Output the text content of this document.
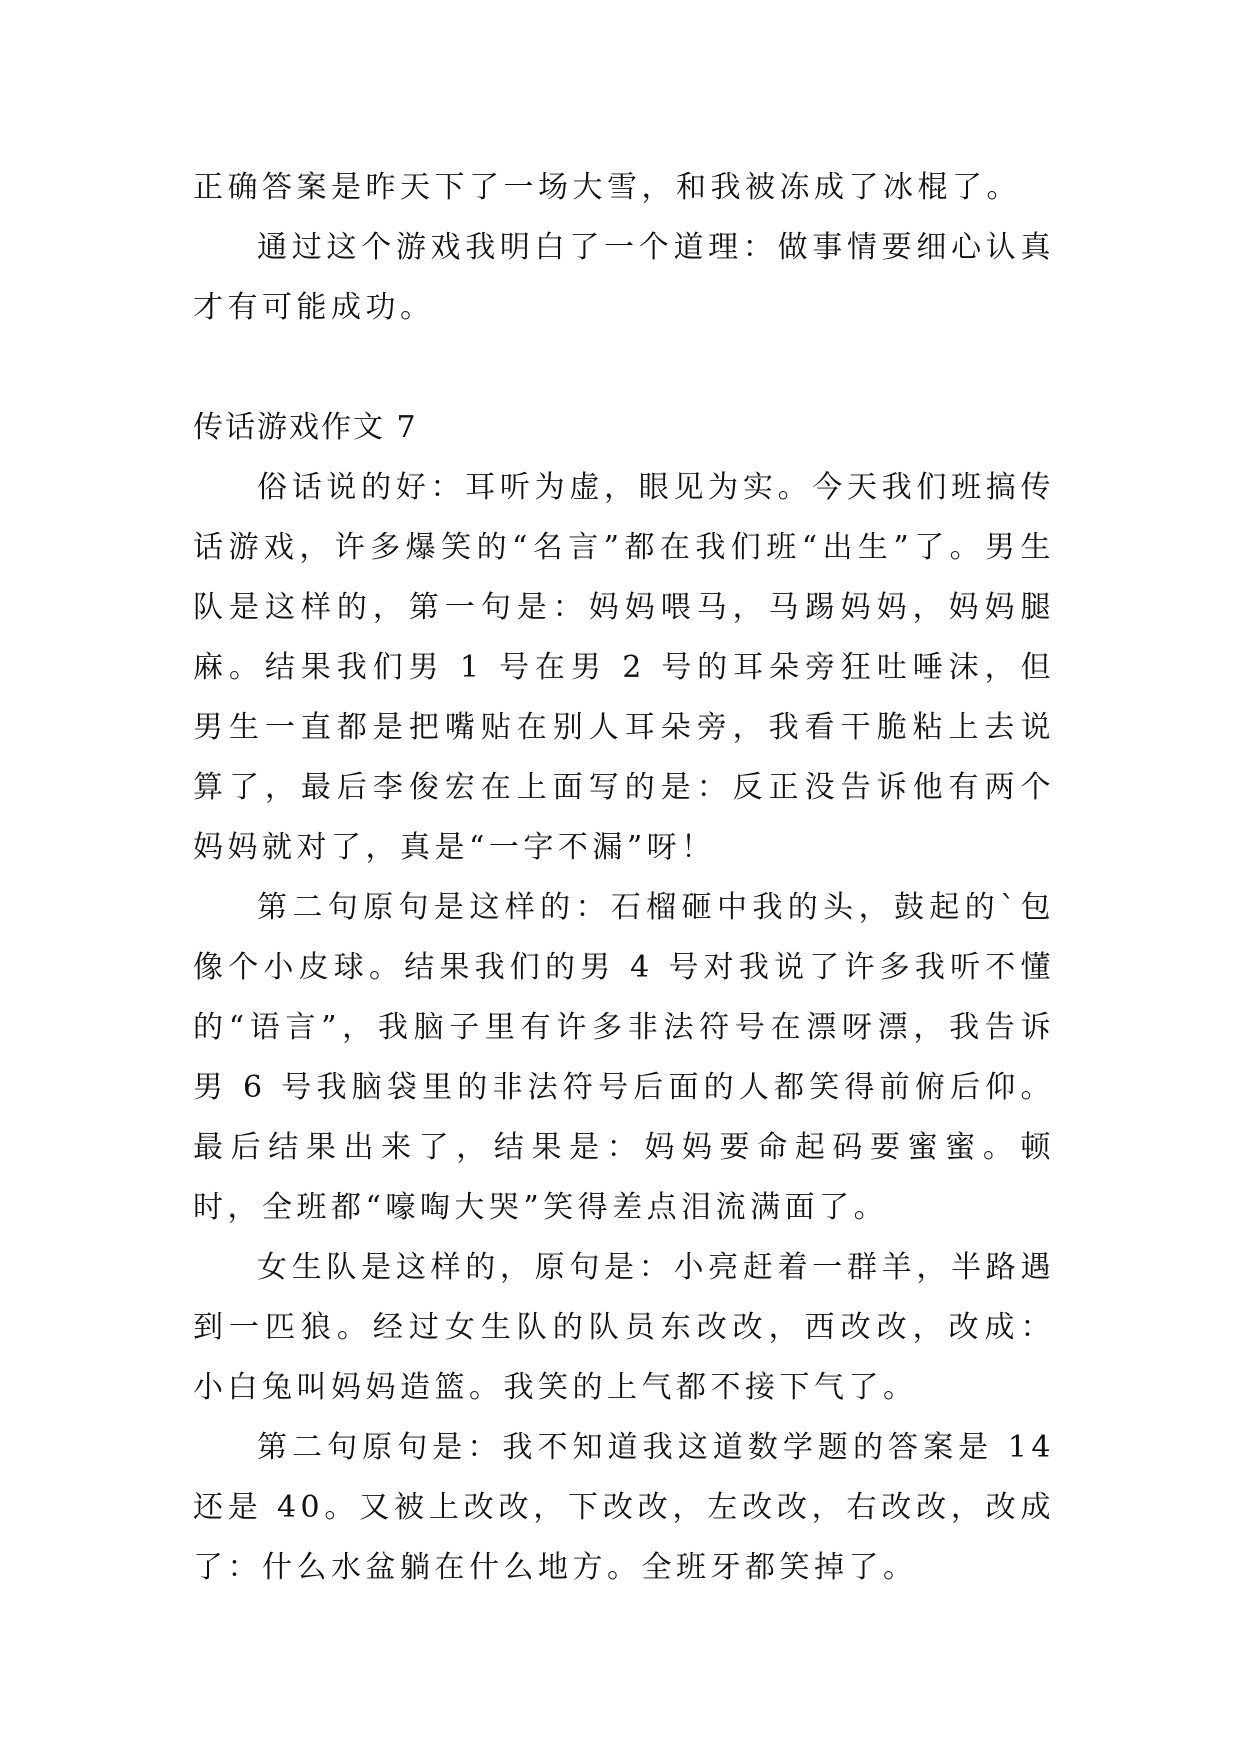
正确答案是昨天下了一场大雪，和我被冻成了冰棍了。

通过这个游戏我明白了一个道理：做事情要细心认真才有可能成功。

传话游戏作文 7

俗话说的好：耳听为虚，眼见为实。今天我们班搞传话游戏，许多爆笑的“名言”都在我们班“出生”了。男生队是这样的，第一句是：妈妈喂马，马踢妈妈，妈妈腿麻。结果我们男 1 号在男 2 号的耳朵旁狂吐唾沫，但男生一直都是把嘴贴在别人耳朵旁，我看干脆粘上去说算了，最后李俊宏在上面写的是：反正没告诉他有两个妈妈就对了，真是“一字不漏”呀！

第二句原句是这样的：石榴砸中我的头，鼓起的`包像个小皮球。结果我们的男 4 号对我说了许多我听不懂的“语言”，我脑子里有许多非法符号在漂呀漂，我告诉男 6 号我脑袋里的非法符号后面的人都笑得前俯后仰。最后结果出来了，结果是：妈妈要命起码要蜜蜜。顿时，全班都“嚎啕大哭”笑得差点泪流满面了。

女生队是这样的，原句是：小亮赶着一群羊，半路遇到一匹狼。经过女生队的队员东改改，西改改，改成：小白兔叫妈妈造篮。我笑的上气都不接下气了。

第二句原句是：我不知道我这道数学题的答案是 14 还是 40。又被上改改，下改改，左改改，右改改，改成了：什么水盆躺在什么地方。全班牙都笑掉了。
